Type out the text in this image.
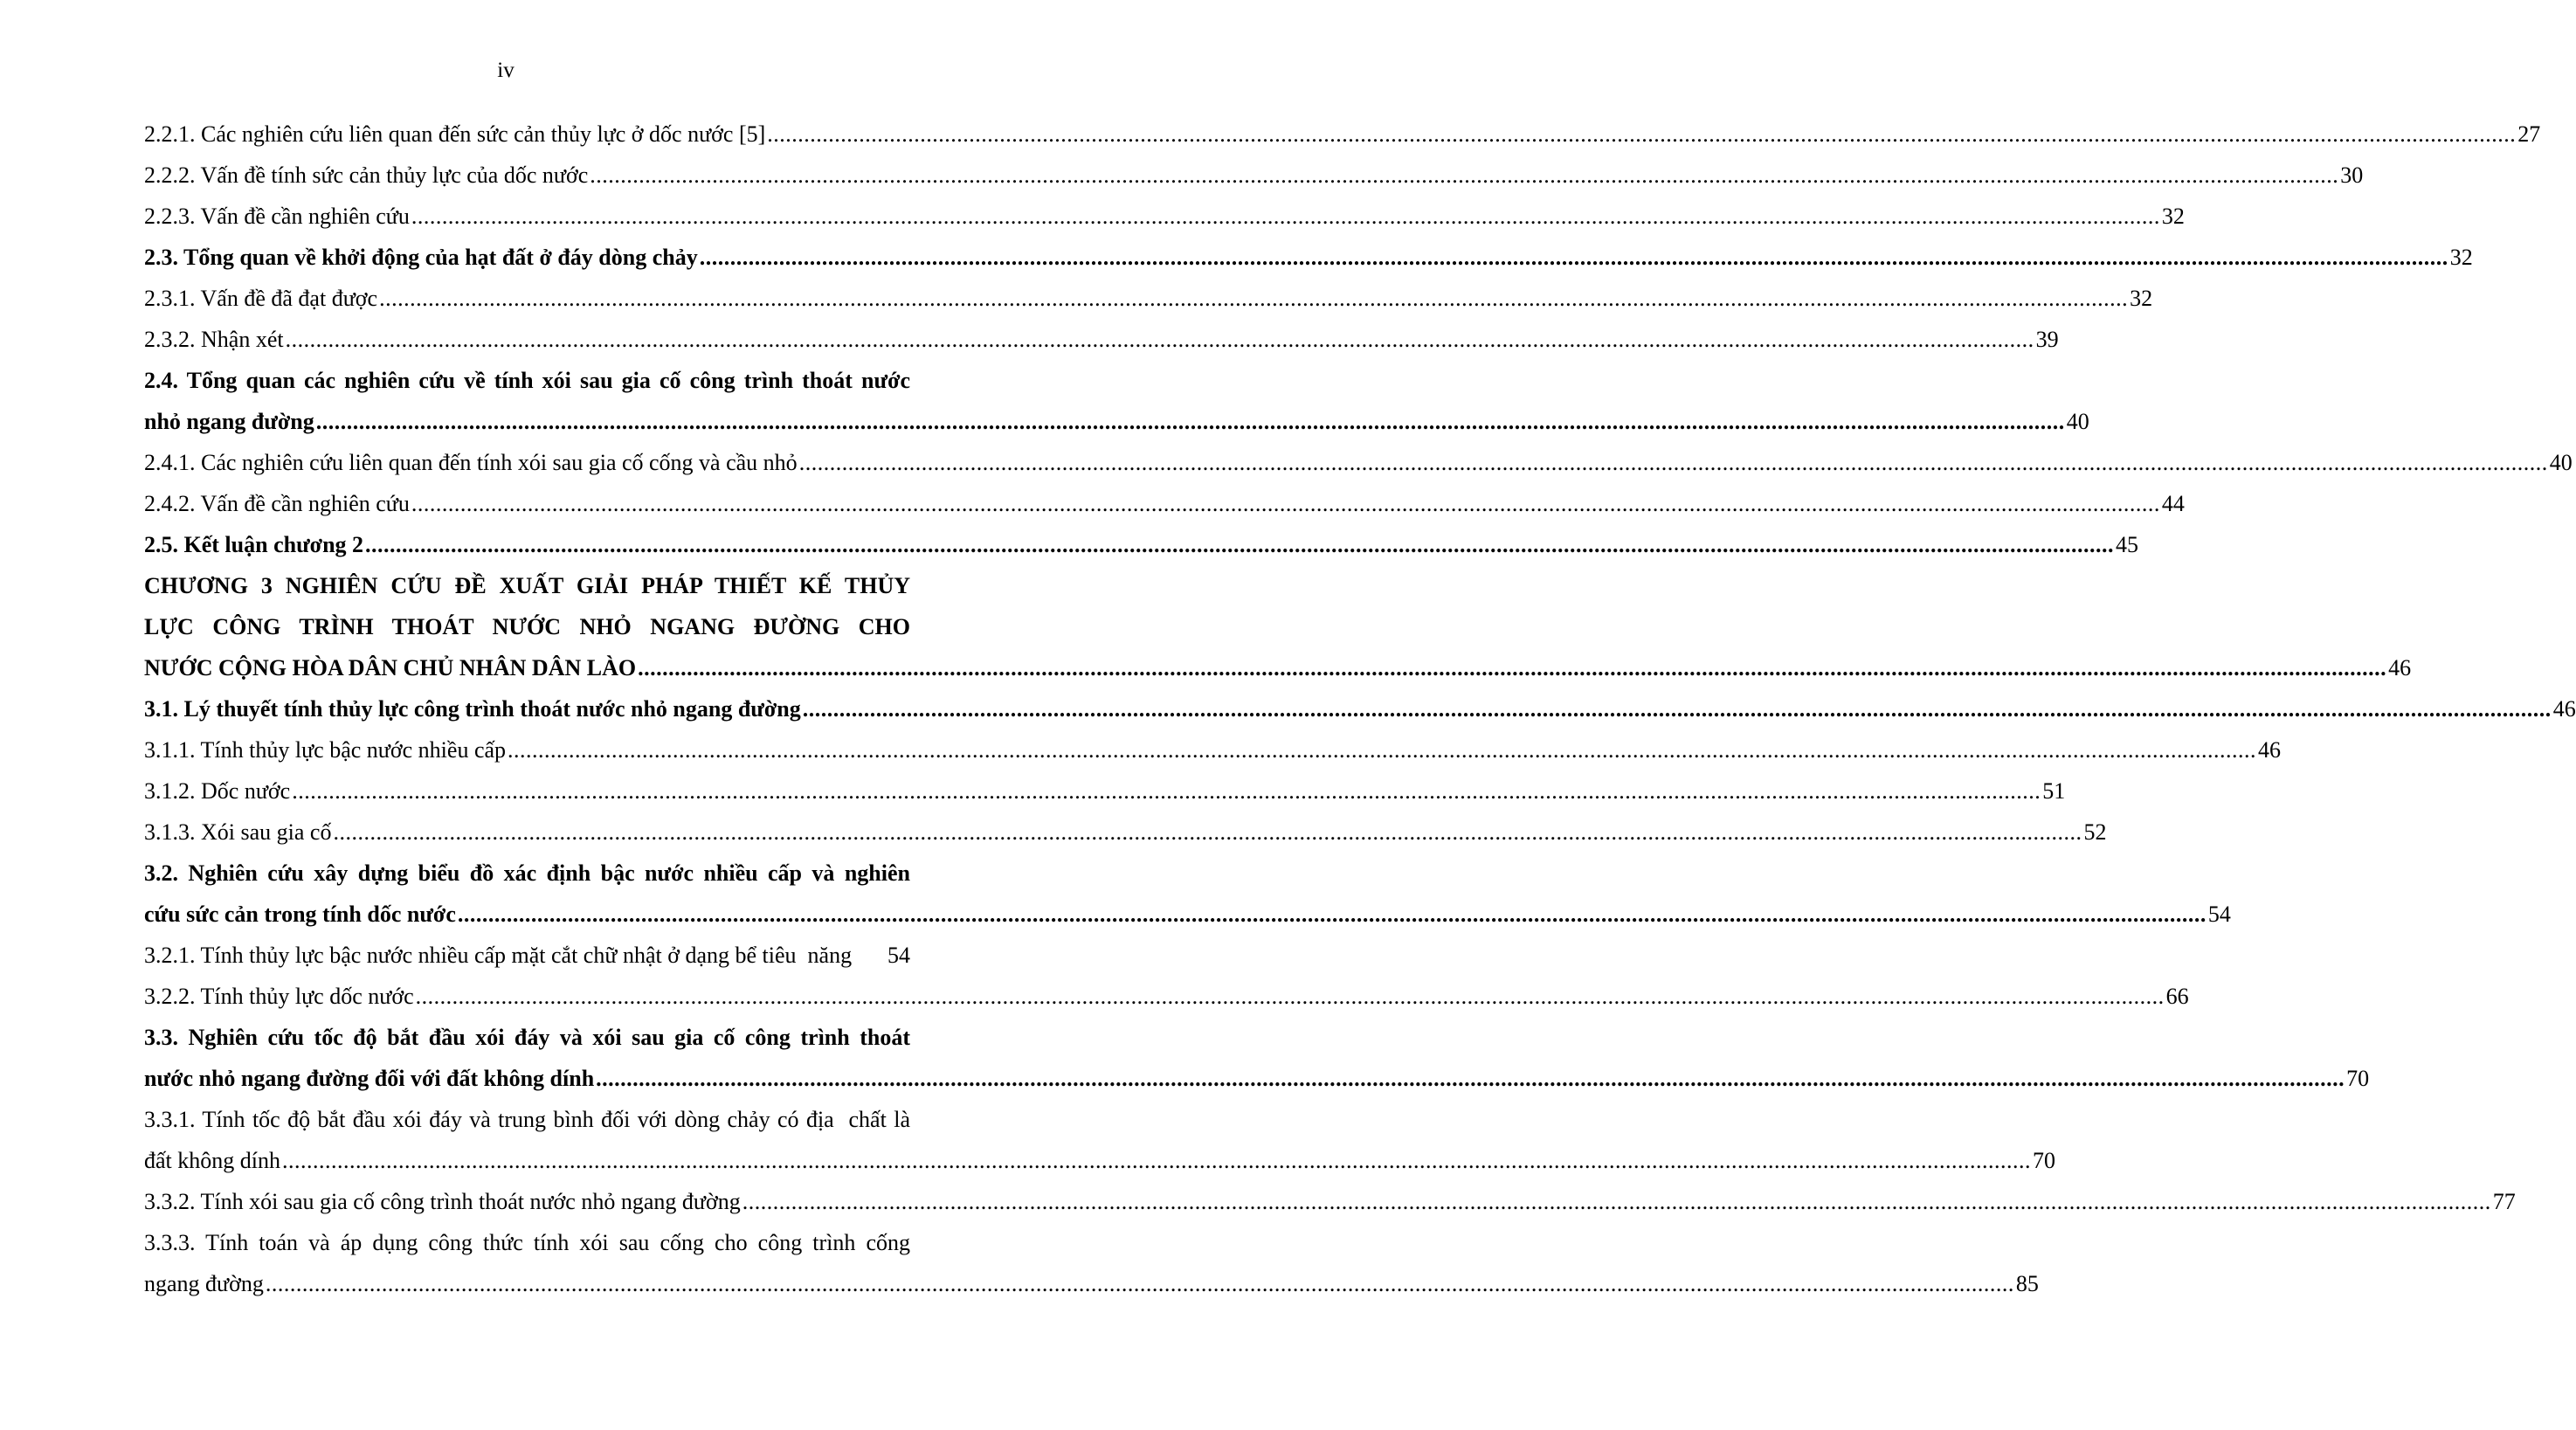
iv
2.2.1. Các nghiên cứu liên quan đến sức cản thủy lực ở dốc nước [5] .....	27
2.2.2. Vấn đề tính sức cản thủy lực của dốc nước .....	30
2.2.3. Vấn đề cần nghiên cứu .....	32
2.3. Tổng quan về khởi động của hạt đất ở đáy dòng chảy .....	32
2.3.1. Vấn đề đã đạt được .....	32
2.3.2. Nhận xét .....	39
2.4. Tổng quan các nghiên cứu về tính xói sau gia cố công trình thoát nước
nhỏ ngang đường .....	40
2.4.1. Các nghiên cứu liên quan đến tính xói sau gia cố cống và cầu nhỏ .....	40
2.4.2. Vấn đề cần nghiên cứu .....	44
2.5. Kết luận chương 2 .....	45
CHƯƠNG 3 NGHIÊN CỨU ĐỀ XUẤT GIẢI PHÁP THIẾT KẾ THỦY
LỰC CÔNG TRÌNH THOÁT NƯỚC NHỎ NGANG ĐƯỜNG CHO
NƯỚC CỘNG HÒA DÂN CHỦ NHÂN DÂN LÀO .....	46
3.1. Lý thuyết tính thủy lực công trình thoát nước nhỏ ngang đường .....	46
3.1.1. Tính thủy lực bậc nước nhiều cấp .....	46
3.1.2. Dốc nước .....	51
3.1.3. Xói sau gia cố .....	52
3.2. Nghiên cứu xây dựng biểu đồ xác định bậc nước nhiều cấp và nghiên
cứu sức cản trong tính dốc nước .....	54
3.2.1. Tính thủy lực bậc nước nhiều cấp mặt cắt chữ nhật ở dạng bể tiêu  năng 54
3.2.2. Tính thủy lực dốc nước .....	66
3.3. Nghiên cứu tốc độ bắt đầu xói đáy và xói sau gia cố công trình thoát
nước nhỏ ngang đường đối với đất không dính .....	70
3.3.1. Tính tốc độ bắt đầu xói đáy và trung bình đối với dòng chảy có địa  chất là
đất không dính .....	70
3.3.2. Tính xói sau gia cố công trình thoát nước nhỏ ngang đường .....	77
3.3.3. Tính toán và áp dụng công thức tính xói sau cống cho công trình cống
ngang đường .....	85
